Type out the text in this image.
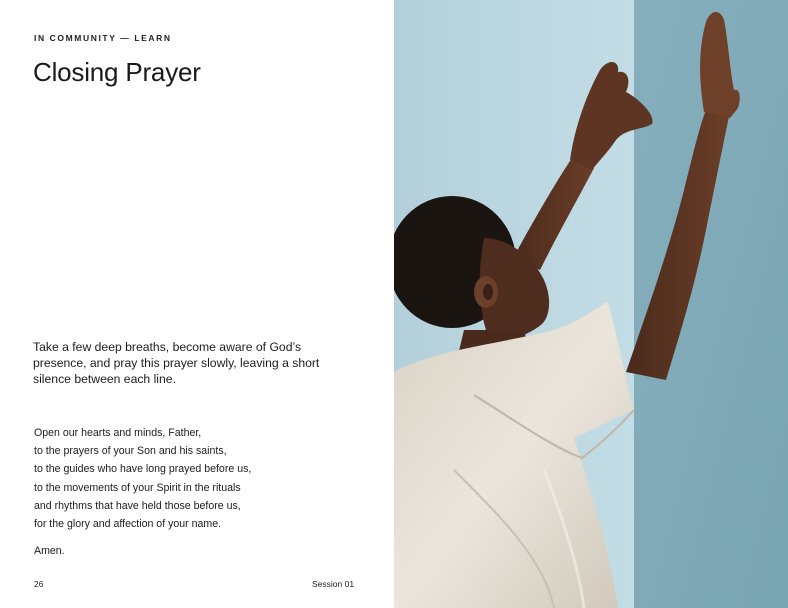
IN COMMUNITY — LEARN
Closing Prayer
Take a few deep breaths, become aware of God’s presence, and pray this prayer slowly, leaving a short silence between each line.
Open our hearts and minds, Father,
to the prayers of your Son and his saints,
to the guides who have long prayed before us,
to the movements of your Spirit in the rituals
and rhythms that have held those before us,
for the glory and affection of your name.
Amen.
26	Session 01
